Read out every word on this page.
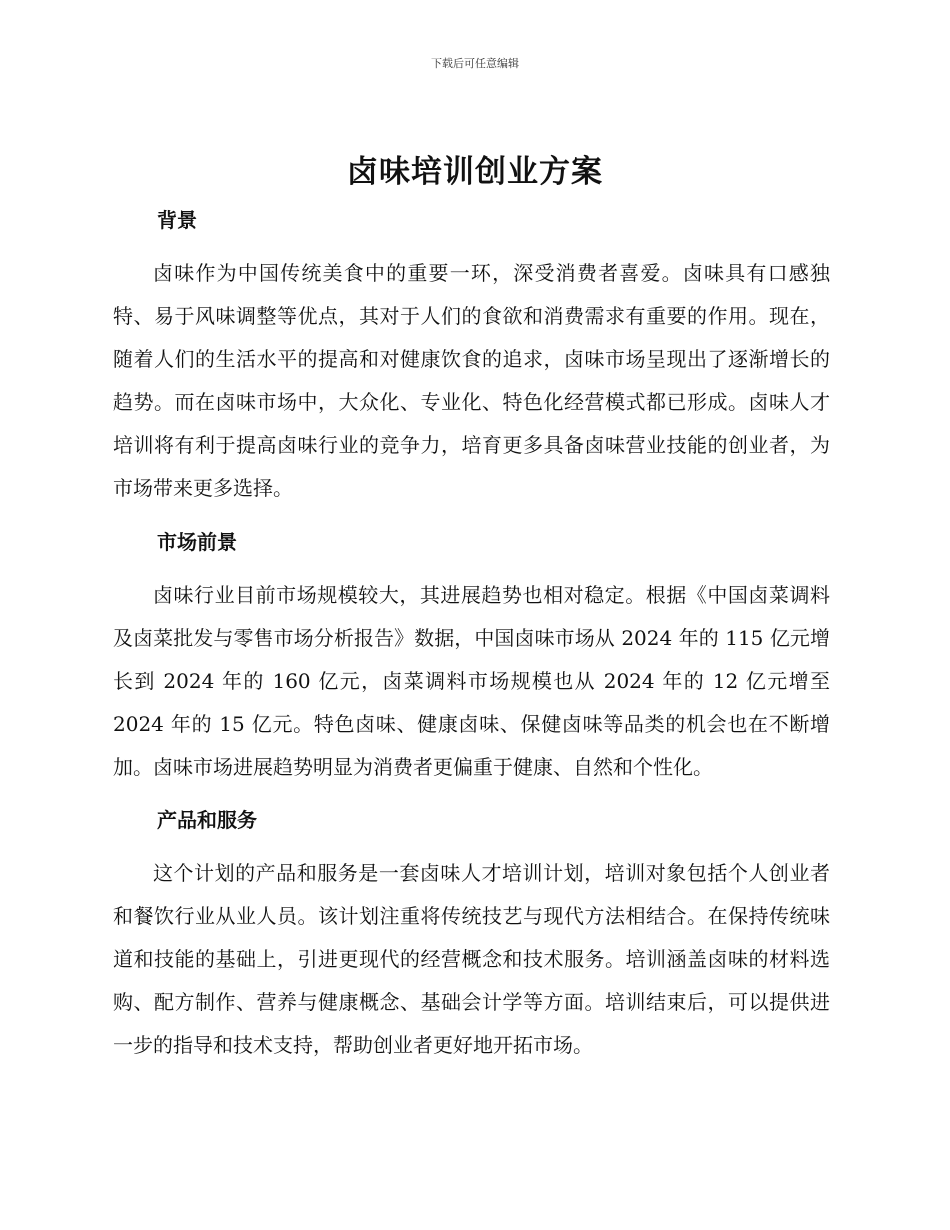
下载后可任意编辑
卤味培训创业方案
背景

卤味作为中国传统美食中的重要一环，深受消费者喜爱。卤味具有口感独特、易于风味调整等优点，其对于人们的食欲和消费需求有重要的作用。现在，随着人们的生活水平的提高和对健康饮食的追求，卤味市场呈现出了逐渐增长的趋势。而在卤味市场中，大众化、专业化、特色化经营模式都已形成。卤味人才培训将有利于提高卤味行业的竞争力，培育更多具备卤味营业技能的创业者，为市场带来更多选择。

市场前景

卤味行业目前市场规模较大，其进展趋势也相对稳定。根据《中国卤菜调料及卤菜批发与零售市场分析报告》数据，中国卤味市场从 2024 年的 115 亿元增长到 2024 年的 160 亿元，卤菜调料市场规模也从 2024 年的 12 亿元增至 2024 年的 15 亿元。特色卤味、健康卤味、保健卤味等品类的机会也在不断增加。卤味市场进展趋势明显为消费者更偏重于健康、自然和个性化。

产品和服务

这个计划的产品和服务是一套卤味人才培训计划，培训对象包括个人创业者和餐饮行业从业人员。该计划注重将传统技艺与现代方法相结合。在保持传统味道和技能的基础上，引进更现代的经营概念和技术服务。培训涵盖卤味的材料选购、配方制作、营养与健康概念、基础会计学等方面。培训结束后，可以提供进一步的指导和技术支持，帮助创业者更好地开拓市场。
